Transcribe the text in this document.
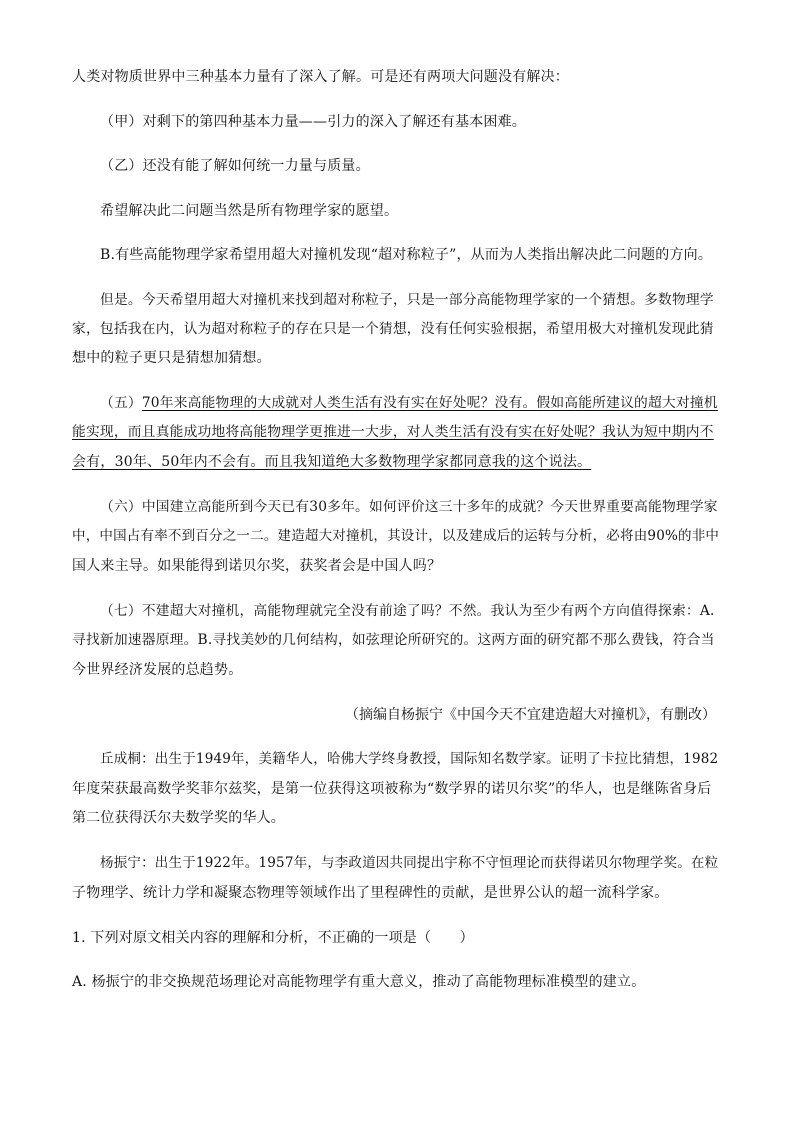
人类对物质世界中三种基本力量有了深入了解。可是还有两项大问题没有解决：
（甲）对剩下的第四种基本力量——引力的深入了解还有基本困难。
（乙）还没有能了解如何统一力量与质量。
希望解决此二问题当然是所有物理学家的愿望。
B.有些高能物理学家希望用超大对撞机发现“超对称粒子”，从而为人类指出解决此二问题的方向。
但是。今天希望用超大对撞机来找到超对称粒子，只是一部分高能物理学家的一个猜想。多数物理学
家，包括我在内，认为超对称粒子的存在只是一个猜想，没有任何实验根据，希望用极大对撞机发现此猜
想中的粒子更只是猜想加猜想。
（五）70年来高能物理的大成就对人类生活有没有实在好处呢？没有。假如高能所建议的超大对撞机
能实现，而且真能成功地将高能物理学更推进一大步，对人类生活有没有实在好处呢？我认为短中期内不
会有，30年、50年内不会有。而且我知道绝大多数物理学家都同意我的这个说法。
（六）中国建立高能所到今天已有30多年。如何评价这三十多年的成就？今天世界重要高能物理学家
中，中国占有率不到百分之一二。建造超大对撞机，其设计，以及建成后的运转与分析，必将由90%的非中
国人来主导。如果能得到诺贝尔奖，获奖者会是中国人吗？
（七）不建超大对撞机，高能物理就完全没有前途了吗？不然。我认为至少有两个方向值得探索：A.
寻找新加速器原理。B.寻找美妙的几何结构，如弦理论所研究的。这两方面的研究都不那么费钱，符合当
今世界经济发展的总趋势。
（摘编自杨振宁《中国今天不宜建造超大对撞机》，有删改）
丘成桐：出生于1949年，美籍华人，哈佛大学终身教授，国际知名数学家。证明了卡拉比猜想，1982
年度荣获最高数学奖菲尔兹奖，是第一位获得这项被称为“数学界的诺贝尔奖”的华人，也是继陈省身后
第二位获得沃尔夫数学奖的华人。
杨振宁：出生于1922年。1957年，与李政道因共同提出宇称不守恒理论而获得诺贝尔物理学奖。在粒
子物理学、统计力学和凝聚态物理等领域作出了里程碑性的贡献，是世界公认的超一流科学家。
1. 下列对原文相关内容的理解和分析，不正确的一项是（　　）
A. 杨振宁的非交换规范场理论对高能物理学有重大意义，推动了高能物理标准模型的建立。
